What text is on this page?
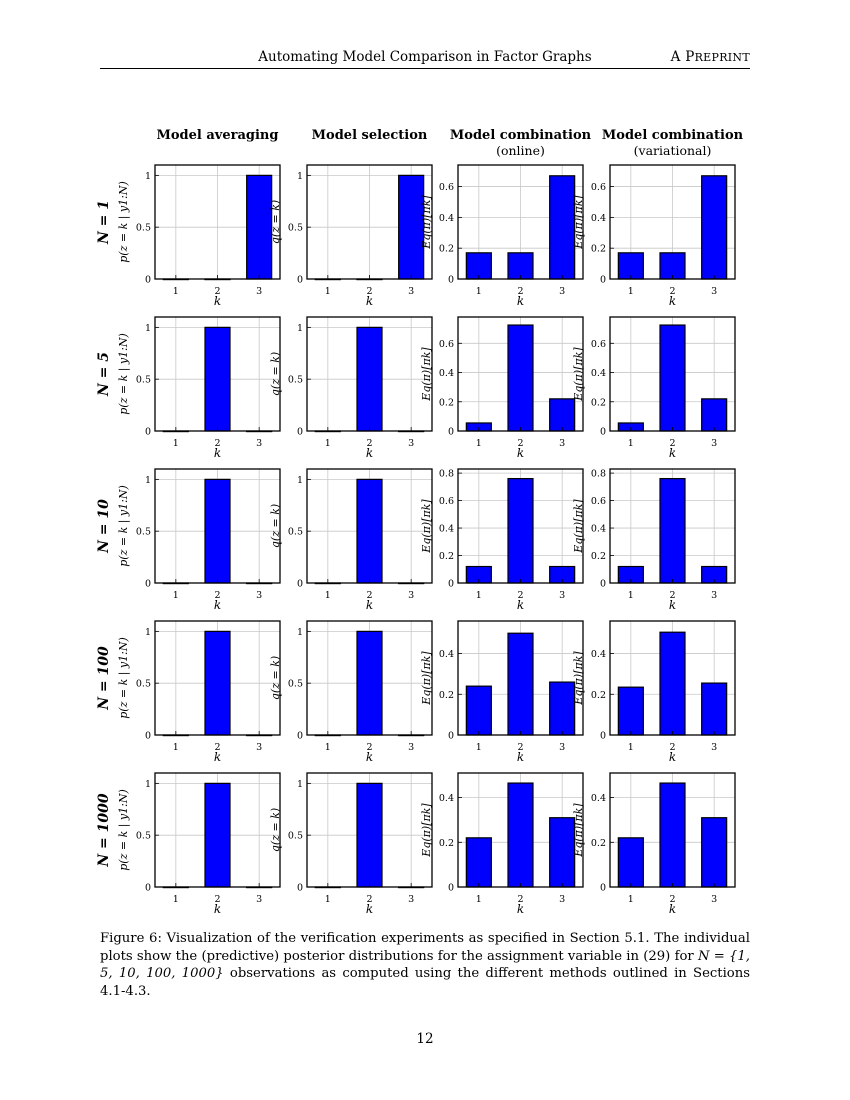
Automating Model Comparison in Factor Graphs	A PREPRINT
Model averaging	Model selection Model combination
(online)
Model combination
(variational)
N = 1
N = 5
N = 10
N = 100
N = 1000
0
0.5
1
1	2	3
k
p(z = k | y1:N)
0
0.5
1
1	2	3
k
q(z = k)
0
0.2
0.4
0.6
1	2	3
k
Eq(π)[πk]
0
0.2
0.4
0.6
1	2	3
k
Eq(π)[πk]
0
0.5
1
1	2	3
k
p(z = k | y1:N)
0
0.5
1
1	2	3
k
q(z = k)
0
0.2
0.4
0.6
1	2	3
k
Eq(π)[πk]
0
0.2
0.4
0.6
1	2	3
k
Eq(π)[πk]
0
0.5
1
1	2	3
k
p(z = k | y1:N)
0
0.5
1
1	2	3
k
q(z = k)
0
0.2
0.4
0.6
0.8
1	2	3
k
Eq(π)[πk]
0
0.2
0.4
0.6
0.8
1	2	3
k
Eq(π)[πk]
0
0.5
1
1	2	3
k
p(z = k | y1:N)
0
0.5
1
1	2	3
k
q(z = k)
0
0.2
0.4
1	2	3
k
Eq(π)[πk]
0
0.2
0.4
1	2	3
k
Eq(π)[πk]
0
0.5
1
1	2	3
k
p(z = k | y1:N)
0
0.5
1
1	2	3
k
q(z = k)
0
0.2
0.4
1	2	3
k
Eq(π)[πk]
0
0.2
0.4
1	2	3
k
Eq(π)[πk]
Figure 6: Visualization of the verification experiments as specified in Section 5.1. The individual plots show the (predictive) posterior distributions for the assignment variable in (29) for N = {1, 5, 10, 100, 1000} observations as computed using the different methods outlined in Sections 4.1-4.3.
12
